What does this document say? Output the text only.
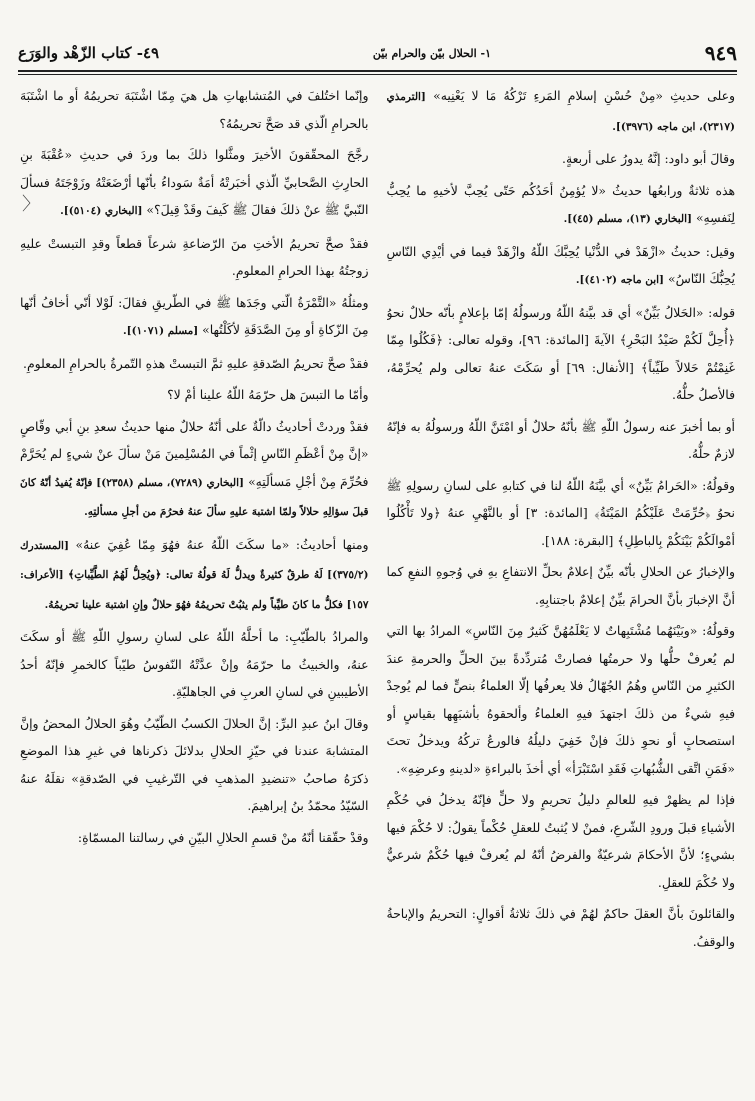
٩٤٩
١- الحلال بيّن والحرام بيّن
٤٩- كتاب الزّهْد والوَرَع
〈

وعلى حديثِ «مِنْ حُسْنِ إسلامِ المَرءِ تَرْكُهُ مَا لا يَعْنِيه» [الترمذي (٢٣١٧)، ابن ماجه (٣٩٧٦)].

وقالَ أبو داود: إنَّهُ يدورُ على أربعةٍ.

هذه ثلاثةٌ ورابعُها حديثُ «لا يُؤمِنُ أحَدُكُم حَتّى يُحِبَّ لأخيهِ ما يُحِبُّ لِنَفسِهِ» [البخاري (١٣)، مسلم (٤٥)].

وقيل: حديثُ «ازْهَدْ في الدُّنْيا يُحِبَّكَ اللّهُ وازْهَدْ فيما في أيْدِي النّاسِ يُحِبُّكَ النّاسُ» [ابن ماجه (٤١٠٢)].

قوله: «الحَلالُ بَيِّنٌ» أي قد بيَّنهُ اللّهُ ورسولُهُ إمّا بإعلامٍ بأنّه حلالٌ نحوُ ﴿أُحِلَّ لَكُمْ صَيْدُ البَحْرِ﴾ الآيةَ [المائدة: ٩٦]، وقوله تعالى: ﴿فَكُلُوا مِمّا غَنِمْتُمْ حَلالاً طَيِّباً﴾ [الأنفال: ٦٩] أو سَكَتَ عنهُ تعالى ولم يُحرِّمْهُ، فالأصلُ حلُّهُ.

أو بما أخبرَ عنه رسولُ اللّهِ ﷺ بأنّهُ حلالٌ أو امْتَنَّ اللّهُ ورسولُهُ به فإنّهُ لازمٌ حلُّهُ.

وقولُهُ: «الحَرامُ بَيِّنٌ» أي بيَّنَهُ اللّهُ لنا في كتابهِ على لسانِ رسولِهِ ﷺ نحوُ ﴿حُرِّمَتْ عَلَيْكُمُ المَيْتَةُ﴾ [المائدة: ٣] أو بالنَّهْيِ عنهُ ﴿ولا تَأْكُلُوا أمْوالَكُمْ بَيْنَكُمْ بِالباطِلِ﴾ [البقرة: ١٨٨].

والإخبارُ عن الحلالِ بأنّه بيِّنٌ إعلامٌ بحلِّ الانتفاعِ بهِ في وُجوهِ النفعِ كما أنَّ الإخبارَ بأنَّ الحرامَ بيِّنٌ إعلامٌ باجتنابِهِ.

وقولُهُ: «وبَيْنَهُما مُشْتَبِهاتٌ لا يَعْلَمُهُنَّ كَثيرٌ مِنَ النّاسِ» المرادُ بها التي لم يُعرفْ حلُّها ولا حرمتُها فصارتْ مُتردِّدةً بينَ الحلِّ والحرمةِ عندَ الكثيرِ من النّاسِ وهُمُ الجُهّالُ فلا يعرفُها إلّا العلماءُ بنصٍّ فما لم يُوجدْ فيهِ شيءٌ من ذلكَ اجتهدَ فيهِ العلماءُ وألحقوهُ بأشبَهِها بقياسٍ أو استصحابٍ أو نحوِ ذلكَ فإنْ خَفِيَ دليلُهُ فالورعُ تركُهُ ويدخلُ تحتَ «فَمَنِ اتَّقى الشُّبُهاتِ فَقَدِ اسْتَبْرَأ» أي أخذَ بالبراءةِ «لدينهِ وعرضِهِ».

فإذا لم يظهرْ فيهِ للعالمِ دليلُ تحريمٍ ولا حلٍّ فإنّهُ يدخلُ في حُكْمِ الأشياءِ قبلَ ورودِ الشّرعِ، فمنْ لا يُثبتُ للعقلِ حُكْماً يقولُ: لا حُكْمَ فيها بشيءٍ؛ لأنَّ الأحكامَ شرعيّةٌ والفرضُ أنّهُ لم يُعرفْ فيها حُكْمٌ شرعيٌّ ولا حُكْمَ للعقلِ.

والقائلونَ بأنَّ العقلَ حاكمٌ لهُمْ في ذلكَ ثلاثةُ أقوالٍ: التحريمُ والإباحةُ والوقفُ.

وإنّما اختُلفَ في المُتشابهاتِ هل هيَ مِمّا اشْتَبَهَ تحريمُهُ أو ما اشْتَبَهَ بالحرامِ الّذي قد صَحَّ تحريمُهُ؟

رجَّحَ المحقّقونَ الأخيرَ ومثَّلوا ذلكَ بما وردَ في حديثِ «عُقْبَةَ بنِ الحارِثِ الصَّحابيِّ الّذي أخبَرتْهُ أمَةٌ سَوداءُ بأنّها أرْضَعَتْهُ وزَوْجَتَهُ فسألَ النّبيَّ ﷺ عنْ ذلكَ فقالَ ﷺ كَيفَ وقَدْ قِيلَ؟» [البخاري (٥١٠٤)].

فقدْ صحَّ تحريمُ الأختِ منَ الرّضاعةِ شرعاً قطعاً وقدِ التبستْ عليهِ زوجتُهُ بهذا الحرامِ المعلومِ.

ومثلُهُ «التَّمْرَةُ الّتي وجَدَها ﷺ في الطّريقِ فقالَ: لَوْلا أنّي أخافُ أنّها مِنَ الزّكاةِ أو مِنَ الصَّدَقَةِ لأكَلْتُها» [مسلم (١٠٧١)].

فقدْ صحَّ تحريمُ الصّدقةِ عليهِ ثمَّ التبستْ هذهِ التّمرةُ بالحرامِ المعلومِ.

وأمّا ما التبسَ هل حرّمَهُ اللّهُ علينا أمْ لا؟

فقدْ وردتْ أحاديثُ دالّةٌ على أنّهُ حلالٌ منها حديثُ سعدِ بنِ أبي وقّاصٍ «إنَّ مِنْ أعْظَمِ النّاسِ إثْماً في المُسْلِمينَ مَنْ سألَ عنْ شيءٍ لم يُحَرَّمْ فحُرِّمَ مِنْ أجْلِ مَسألَتِهِ» [البخاري (٧٢٨٩)، مسلم (٢٣٥٨)] فإنّهُ يُفيدُ أنّهُ كانَ قبلَ سؤالِهِ حلالاً ولمّا اشتبهَ عليهِ سألَ عنهُ فحرُمَ من أجلِ مسألتِهِ.

ومنها أحاديثُ: «ما سكَتَ اللّهُ عنهُ فهُوَ مِمّا عُفِيَ عنهُ» [المستدرك (٣٧٥/٢)] لَهُ طرقٌ كثيرةٌ ويدلُّ لَهُ قولُهُ تعالى: ﴿ويُحِلُّ لَهُمُ الطَّيِّباتِ﴾ [الأعراف: ١٥٧] فكلُّ ما كانَ طيِّباً ولم يثبُتْ تحريمُهُ فهُوَ حلالٌ وإنِ اشتبهَ علينا تحريمُهُ.

والمرادُ بالطّيّبِ: ما أحلَّهُ اللّهُ على لسانِ رسولِ اللّهِ ﷺ أو سكَتَ عنهُ، والخبيثُ ما حرّمَهُ وإنْ عدَّتْهُ النّفوسُ طيّباً كالخمرِ فإنّهُ أحدُ الأطيبينِ في لسانِ العربِ في الجاهليّةِ.

وقالَ ابنُ عبدِ البرِّ: إنَّ الحلالَ الكسبُ الطّيّبُ وهُوَ الحلالُ المحضُ وإنَّ المتشابهَ عندنا في حيّزِ الحلالِ بدلائلَ ذكرناها في غيرِ هذا الموضعِ ذكرَهُ صاحبُ «تنضيدِ المذهبِ في التّرغيبِ في الصّدقةِ» نقلَهُ عنهُ السّيّدُ محمّدُ بنُ إبراهيمَ.

وقدْ حقّقنا أنّهُ منْ قسمِ الحلالِ البيّنِ في رسالتنا المسمّاةِ:
